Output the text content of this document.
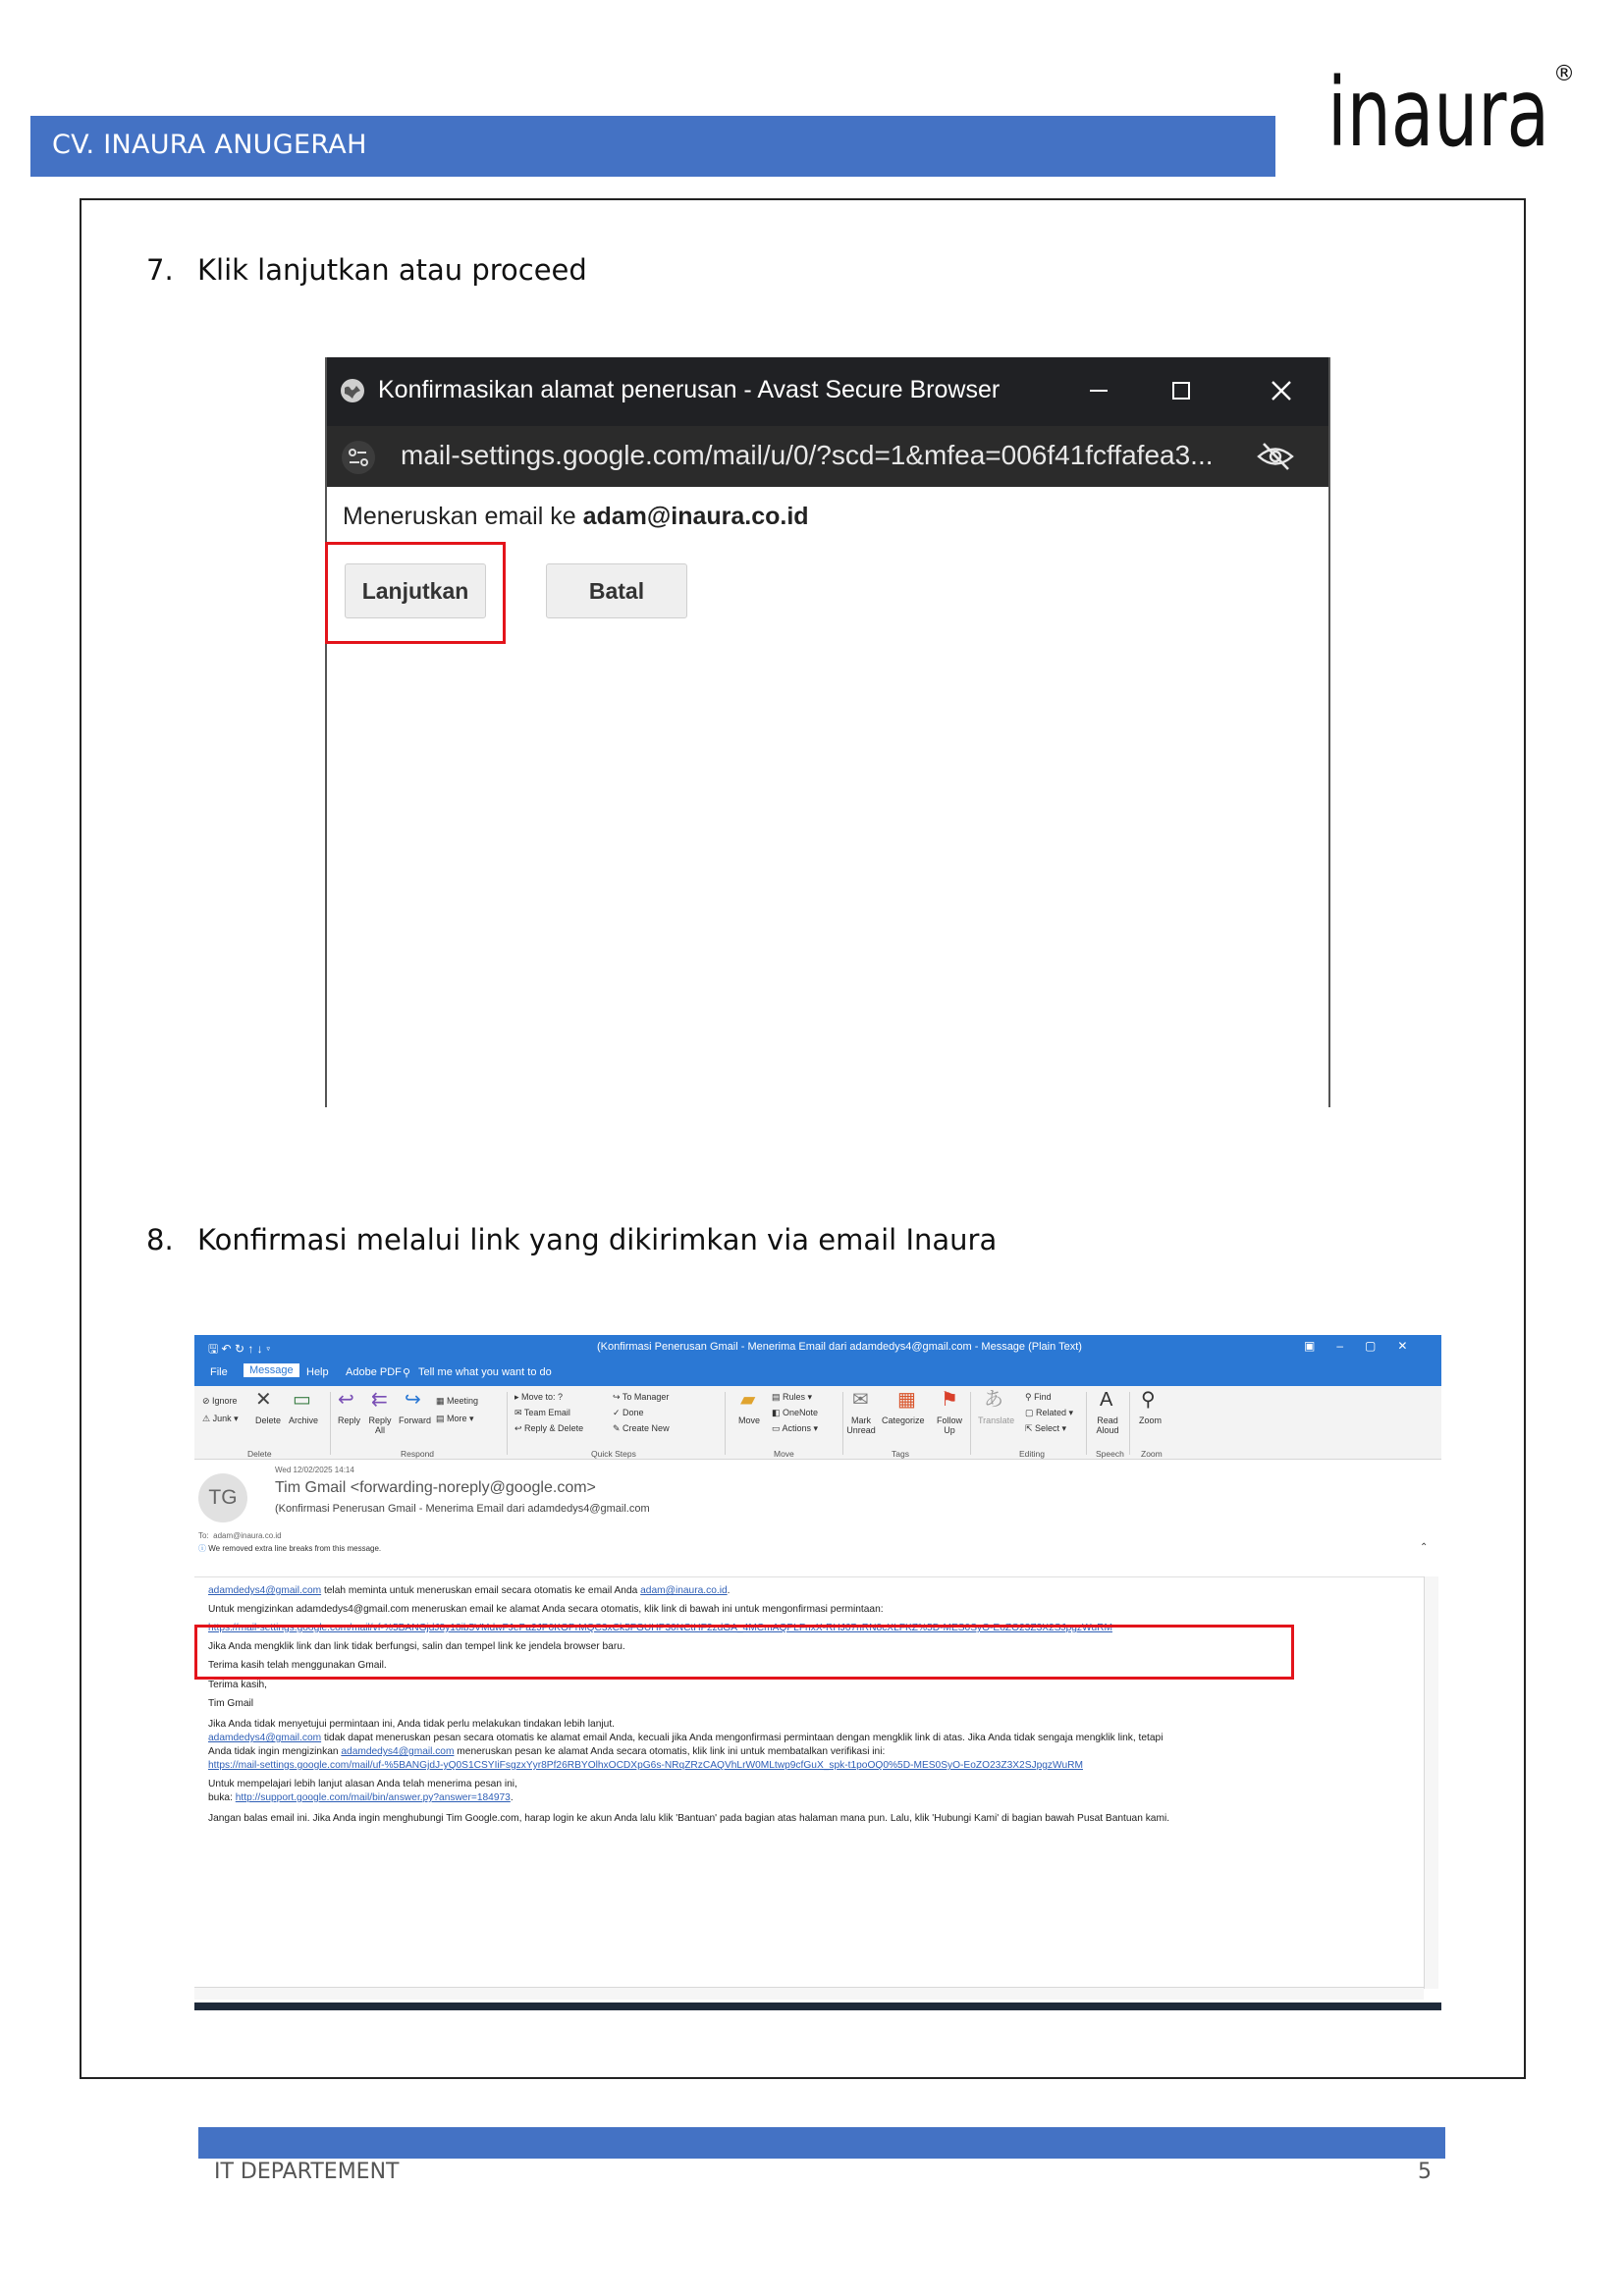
CV. INAURA ANUGERAH	inaura ®
7. Klik lanjutkan atau proceed
Konfirmasikan alamat penerusan - Avast Secure Browser
mail-settings.google.com/mail/u/0/?scd=1&mfea=006f41fcffafea3...
Meneruskan email ke adam@inaura.co.id
Lanjutkan	Batal
8. Konfirmasi melalui link yang dikirimkan via email Inaura
🖫 ↶ ↻ ↑ ↓ ▿	(Konfirmasi Penerusan Gmail - Menerima Email dari adamdedys4@gmail.com - Message (Plain Text)	▣–▢✕
File	Message	Help Adobe PDF ⚲ Tell me what you want to do
⊘ Ignore
⚠ Junk ▾
✕
Delete
▭
Archive
Delete
↩
Reply
⇇
Reply All
↪
Forward
▦ Meeting
▤ More ▾
Respond
▸ Move to: ?
✉ Team Email
↩ Reply & Delete
↪ To Manager
✓ Done
✎ Create New
Quick Steps
▰
Move
▤ Rules ▾
◧ OneNote
▭ Actions ▾
Move
✉
Mark Unread
▦
Categorize
⚑
Follow Up
Tags
あ
Translate
⚲ Find
▢ Related ▾
⇱ Select ▾
Editing
A
Read Aloud
Speech
⚲
Zoom
Zoom
TG
Wed 12/02/2025 14:14
Tim Gmail <forwarding-noreply@google.com>
(Konfirmasi Penerusan Gmail - Menerima Email dari adamdedys4@gmail.com
To:  adam@inaura.co.id
ⓘ We removed extra line breaks from this message.	⌃
adamdedys4@gmail.com telah meminta untuk meneruskan email secara otomatis ke email Anda adam@inaura.co.id.
Untuk mengizinkan adamdedys4@gmail.com meneruskan email ke alamat Anda secara otomatis, klik link di bawah ini untuk mengonfirmasi permintaan:
https://mail-settings.google.com/mail/vf-%5BANGjdJ8y18ib5VMdwFJePa2JP0KOPrMQC3xCk5FGUHP30NCtHF2zdGA_4MCmAQPLFnxX-RHJ67nRN8cXLFKZ%5D-MES0SyO-EoZO23Z3X2SJpgzWuRM
Jika Anda mengklik link dan link tidak berfungsi, salin dan tempel link ke jendela browser baru.
Terima kasih telah menggunakan Gmail.
Terima kasih,
Tim Gmail
Jika Anda tidak menyetujui permintaan ini, Anda tidak perlu melakukan tindakan lebih lanjut.
adamdedys4@gmail.com tidak dapat meneruskan pesan secara otomatis ke alamat email Anda, kecuali jika Anda mengonfirmasi permintaan dengan mengklik link di atas. Jika Anda tidak sengaja mengklik link, tetapi
Anda tidak ingin mengizinkan adamdedys4@gmail.com meneruskan pesan ke alamat Anda secara otomatis, klik link ini untuk membatalkan verifikasi ini:
https://mail-settings.google.com/mail/uf-%5BANGjdJ-yQ0S1CSYIiFsgzxYyr8Pf26RBYOlhxOCDXpG6s-NRqZRzCAQVhLrW0MLtwp9cfGuX_spk-t1poOQ0%5D-MES0SyO-EoZO23Z3X2SJpgzWuRM
Untuk mempelajari lebih lanjut alasan Anda telah menerima pesan ini,
buka: http://support.google.com/mail/bin/answer.py?answer=184973.
Jangan balas email ini. Jika Anda ingin menghubungi Tim Google.com, harap login ke akun Anda lalu klik 'Bantuan' pada bagian atas halaman mana pun. Lalu, klik 'Hubungi Kami' di bagian bawah Pusat Bantuan kami.
IT DEPARTEMENT	5
